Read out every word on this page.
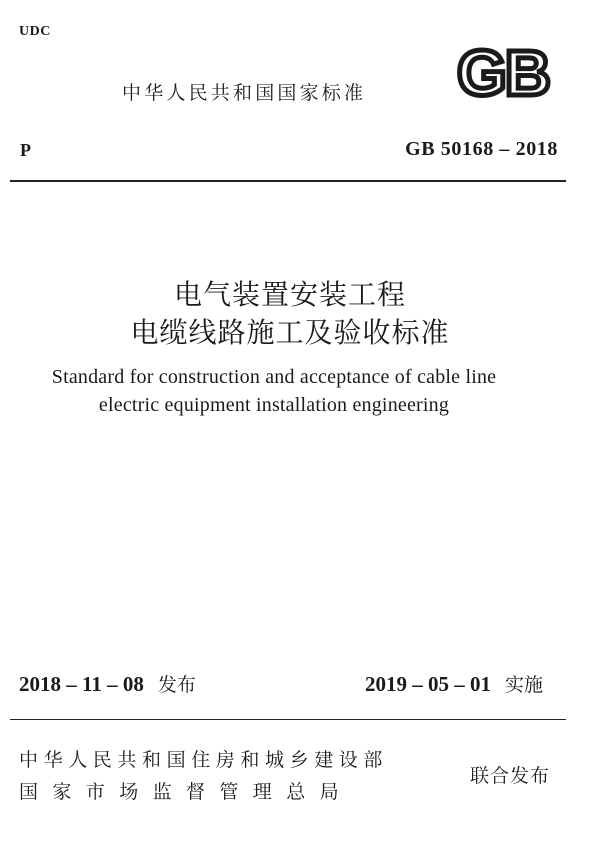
UDC
中华人民共和国国家标准 GB
P	GB 50168 – 2018
电气装置安装工程
电缆线路施工及验收标准
Standard for construction and acceptance of cable line
electric equipment installation engineering
2018 – 11 – 08 发布	2019 – 05 – 01 实施
中华人民共和国住房和城乡建设部
国家市场监督管理总局
联合发布
